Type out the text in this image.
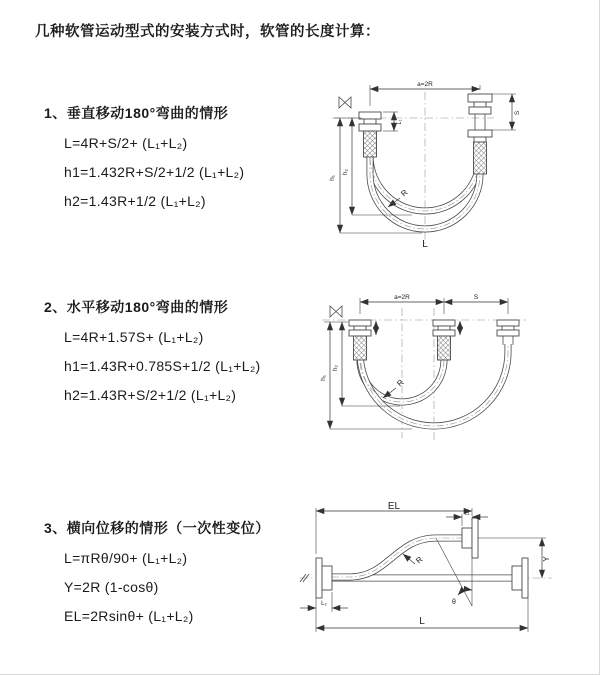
几种软管运动型式的安装方式时，软管的长度计算：
1、垂直移动180°弯曲的情形
L=4R+S/2+ (L₁+L₂)
h1=1.432R+S/2+1/2 (L₁+L₂)
h2=1.43R+1/2 (L₁+L₂)
a=2R
L₁
S
h₁
h₂
R
L
2、水平移动180°弯曲的情形
L=4R+1.57S+ (L₁+L₂)
h1=1.43R+0.785S+1/2 (L₁+L₂)
h2=1.43R+S/2+1/2 (L₁+L₂)
a=2R	S
h₁
h₂
R
3、横向位移的情形（一次性变位）
L=πRθ/90+ (L₁+L₂)
Y=2R (1-cosθ)
EL=2Rsinθ+ (L₁+L₂)
EL
L₁
Y
L
L₂
R
θ
